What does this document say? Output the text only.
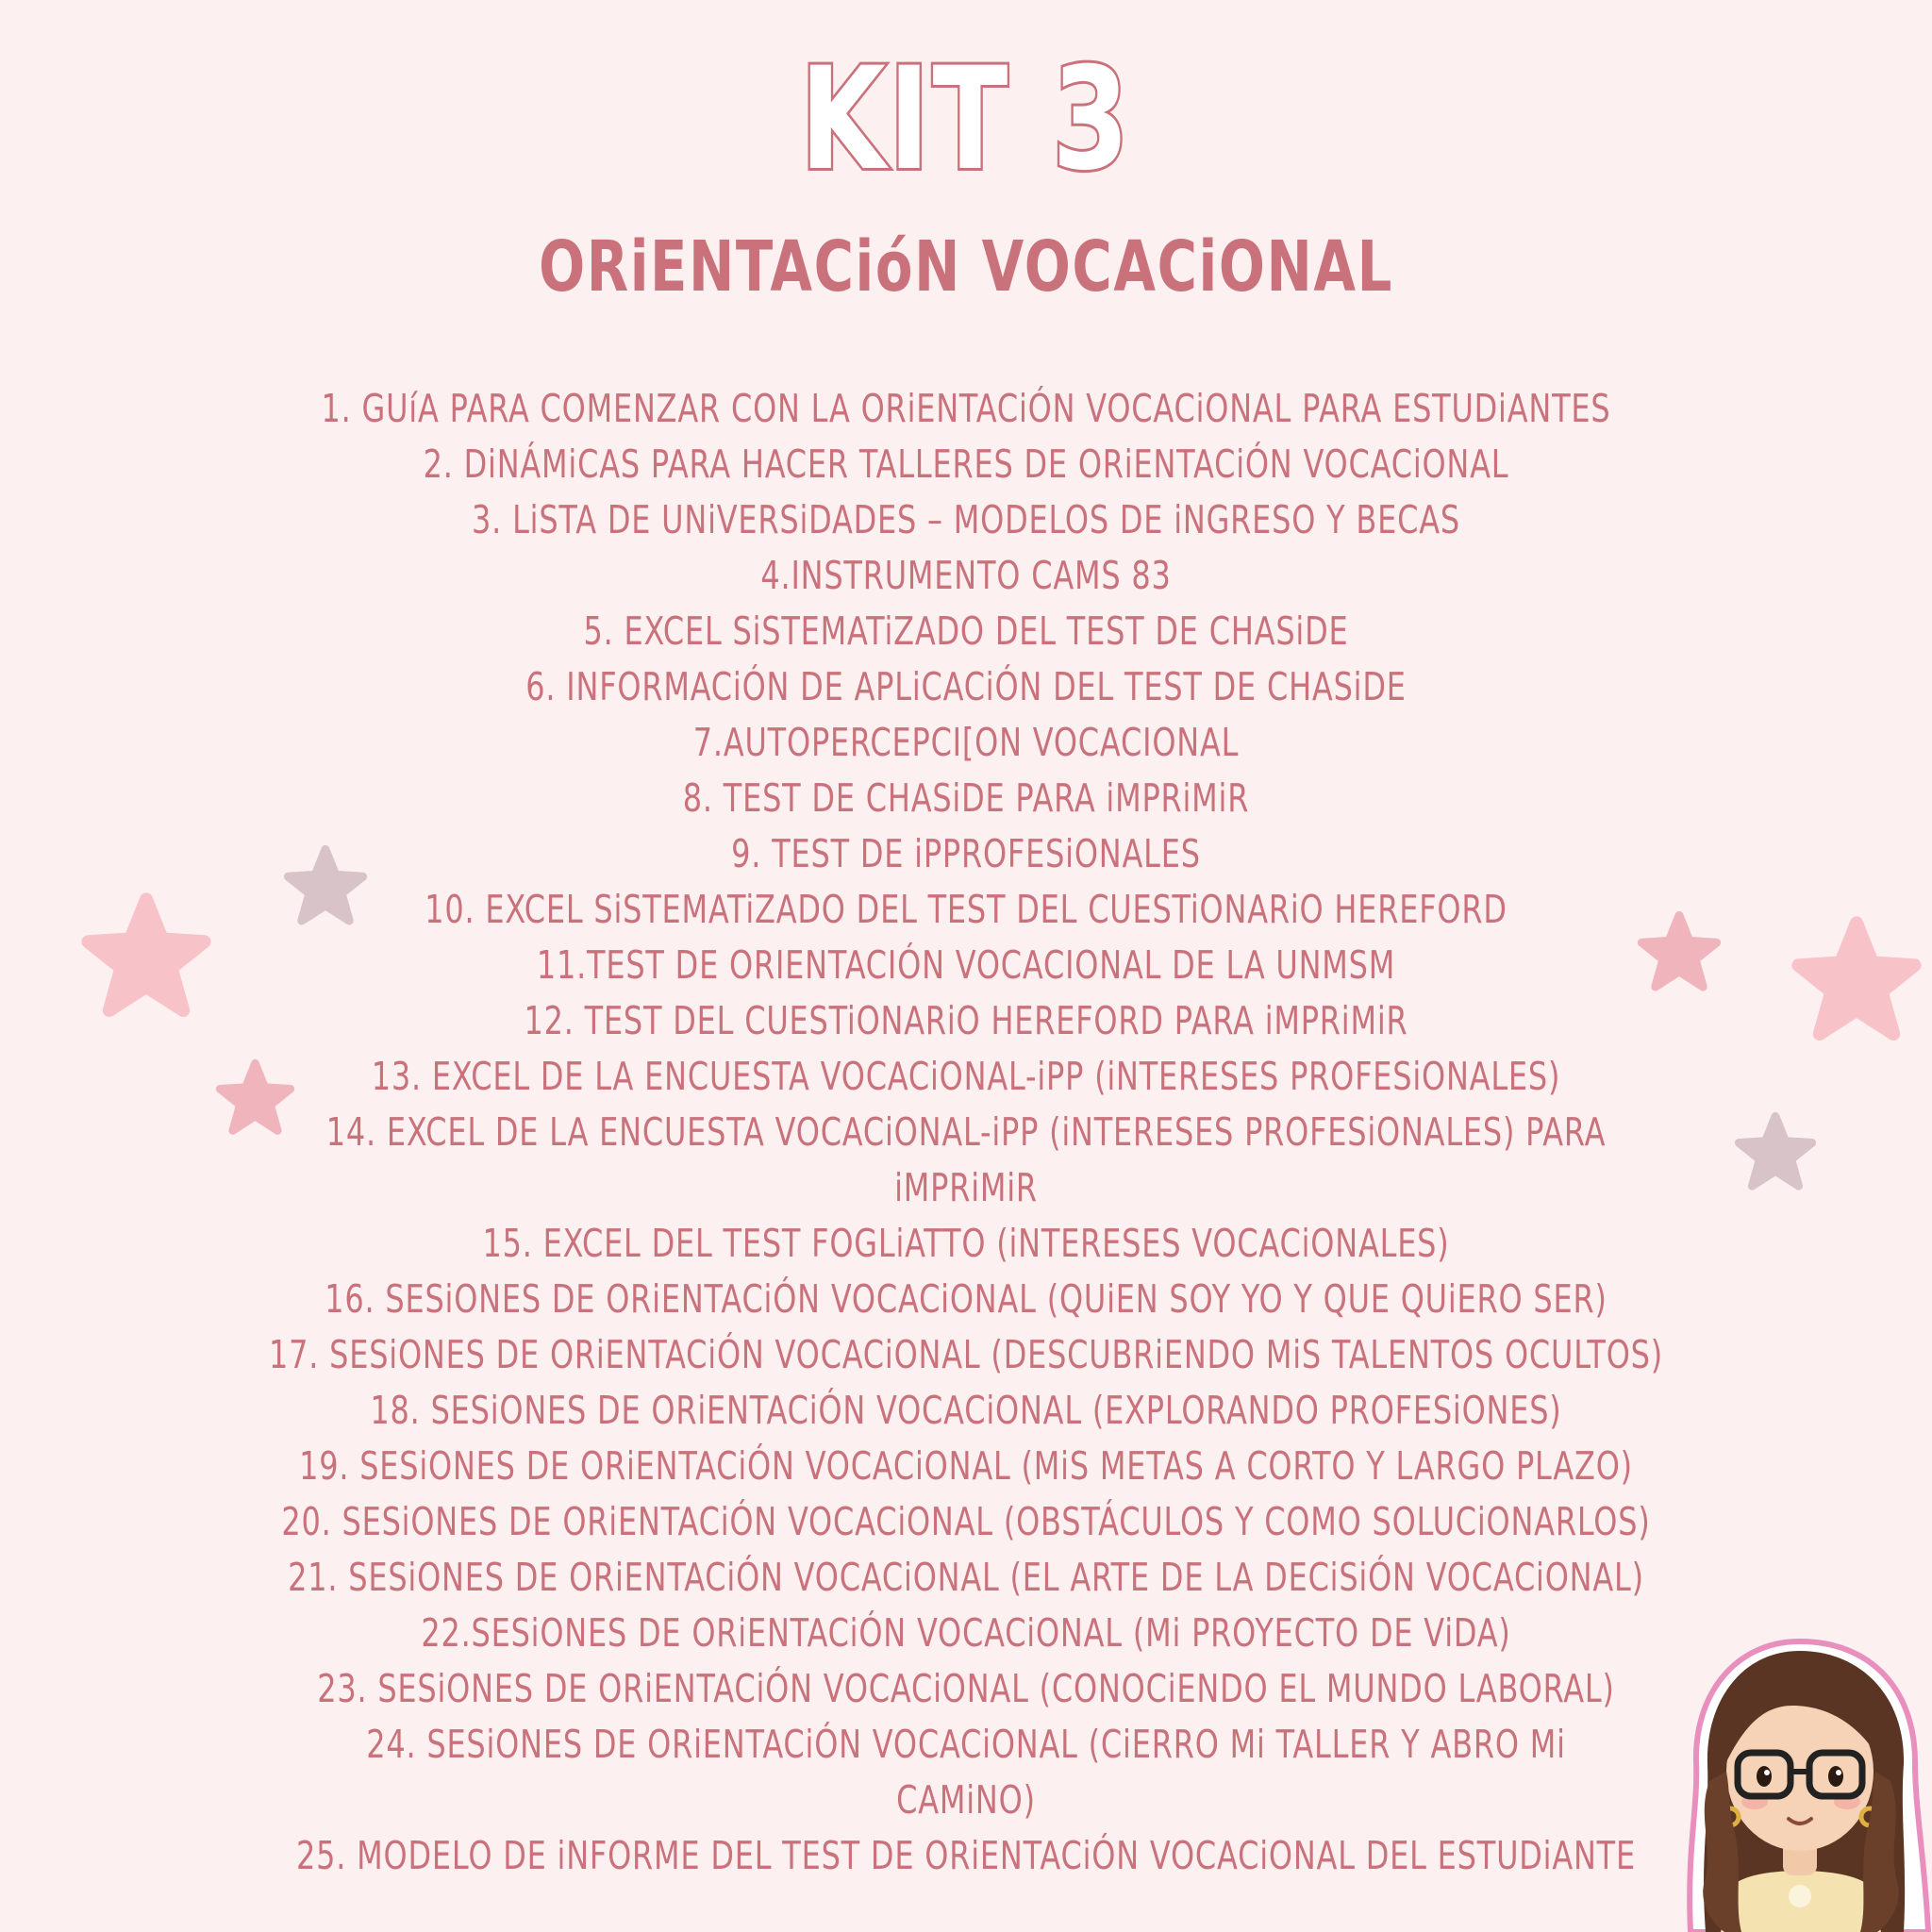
KIT 3
ORiENTACióN VOCACiONAL
1. GUíA PARA COMENZAR CON LA ORiENTACiÓN VOCACiONAL PARA ESTUDiANTES
2. DiNÁMiCAS PARA HACER TALLERES DE ORiENTACiÓN VOCACiONAL
3. LiSTA DE UNiVERSiDADES – MODELOS DE iNGRESO Y BECAS
4.INSTRUMENTO CAMS 83
5. EXCEL SiSTEMATiZADO DEL TEST DE CHASiDE
6. INFORMACiÓN DE APLiCACiÓN DEL TEST DE CHASiDE
7.AUTOPERCEPCI[ON VOCACIONAL
8. TEST DE CHASiDE PARA iMPRiMiR
9. TEST DE iPPROFESiONALES
10. EXCEL SiSTEMATiZADO DEL TEST DEL CUESTiONARiO HEREFORD
11.TEST DE ORIENTACIÓN VOCACIONAL DE LA UNMSM
12. TEST DEL CUESTiONARiO HEREFORD PARA iMPRiMiR
13. EXCEL DE LA ENCUESTA VOCACiONAL-iPP (iNTERESES PROFESiONALES)
14. EXCEL DE LA ENCUESTA VOCACiONAL-iPP (iNTERESES PROFESiONALES) PARA
iMPRiMiR
15. EXCEL DEL TEST FOGLiATTO (iNTERESES VOCACiONALES)
16. SESiONES DE ORiENTACiÓN VOCACiONAL (QUiEN SOY YO Y QUE QUiERO SER)
17. SESiONES DE ORiENTACiÓN VOCACiONAL (DESCUBRiENDO MiS TALENTOS OCULTOS)
18. SESiONES DE ORiENTACiÓN VOCACiONAL (EXPLORANDO PROFESiONES)
19. SESiONES DE ORiENTACiÓN VOCACiONAL (MiS METAS A CORTO Y LARGO PLAZO)
20. SESiONES DE ORiENTACiÓN VOCACiONAL (OBSTÁCULOS Y COMO SOLUCiONARLOS)
21. SESiONES DE ORiENTACiÓN VOCACiONAL (EL ARTE DE LA DECiSiÓN VOCACiONAL)
22.SESiONES DE ORiENTACiÓN VOCACiONAL (Mi PROYECTO DE ViDA)
23. SESiONES DE ORiENTACiÓN VOCACiONAL (CONOCiENDO EL MUNDO LABORAL)
24. SESiONES DE ORiENTACiÓN VOCACiONAL (CiERRO Mi TALLER Y ABRO Mi
CAMiNO)
25. MODELO DE iNFORME DEL TEST DE ORiENTACiÓN VOCACiONAL DEL ESTUDiANTE
